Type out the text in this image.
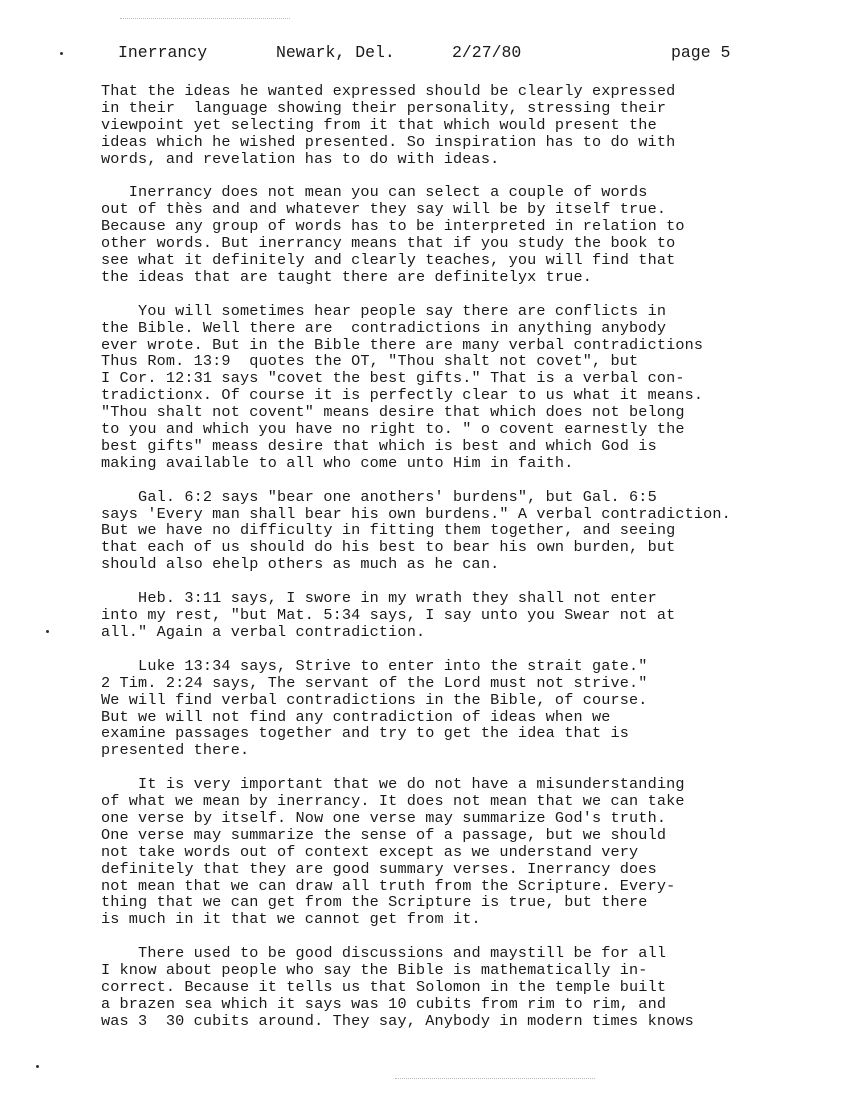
Inerrancy	Newark, Del.	2/27/80	page 5
That the ideas he wanted expressed should be clearly expressed
in their  language showing their personality, stressing their
viewpoint yet selecting from it that which would present the
ideas which he wished presented. So inspiration has to do with
words, and revelation has to do with ideas.
Inerrancy does not mean you can select a couple of words
out of thès and and whatever they say will be by itself true.
Because any group of words has to be interpreted in relation to
other words. But inerrancy means that if you study the book to
see what it definitely and clearly teaches, you will find that
the ideas that are taught there are definitelyx true.
You will sometimes hear people say there are conflicts in
the Bible. Well there are  contradictions in anything anybody
ever wrote. But in the Bible there are many verbal contradictions
Thus Rom. 13:9  quotes the OT, "Thou shalt not covet", but
I Cor. 12:31 says "covet the best gifts." That is a verbal con-
tradictionx. Of course it is perfectly clear to us what it means.
"Thou shalt not covent" means desire that which does not belong
to you and which you have no right to. " o covent earnestly the
best gifts" meass desire that which is best and which God is
making available to all who come unto Him in faith.
Gal. 6:2 says "bear one anothers' burdens", but Gal. 6:5
says 'Every man shall bear his own burdens." A verbal contradiction.
But we have no difficulty in fitting them together, and seeing
that each of us should do his best to bear his own burden, but
should also ehelp others as much as he can.
Heb. 3:11 says, I swore in my wrath they shall not enter
into my rest, "but Mat. 5:34 says, I say unto you Swear not at
all." Again a verbal contradiction.
Luke 13:34 says, Strive to enter into the strait gate."
2 Tim. 2:24 says, The servant of the Lord must not strive."
We will find verbal contradictions in the Bible, of course.
But we will not find any contradiction of ideas when we
examine passages together and try to get the idea that is
presented there.
It is very important that we do not have a misunderstanding
of what we mean by inerrancy. It does not mean that we can take
one verse by itself. Now one verse may summarize God's truth.
One verse may summarize the sense of a passage, but we should
not take words out of context except as we understand very
definitely that they are good summary verses. Inerrancy does
not mean that we can draw all truth from the Scripture. Every-
thing that we can get from the Scripture is true, but there
is much in it that we cannot get from it.
There used to be good discussions and maystill be for all
I know about people who say the Bible is mathematically in-
correct. Because it tells us that Solomon in the temple built
a brazen sea which it says was 10 cubits from rim to rim, and
was 3  30 cubits around. They say, Anybody in modern times knows
